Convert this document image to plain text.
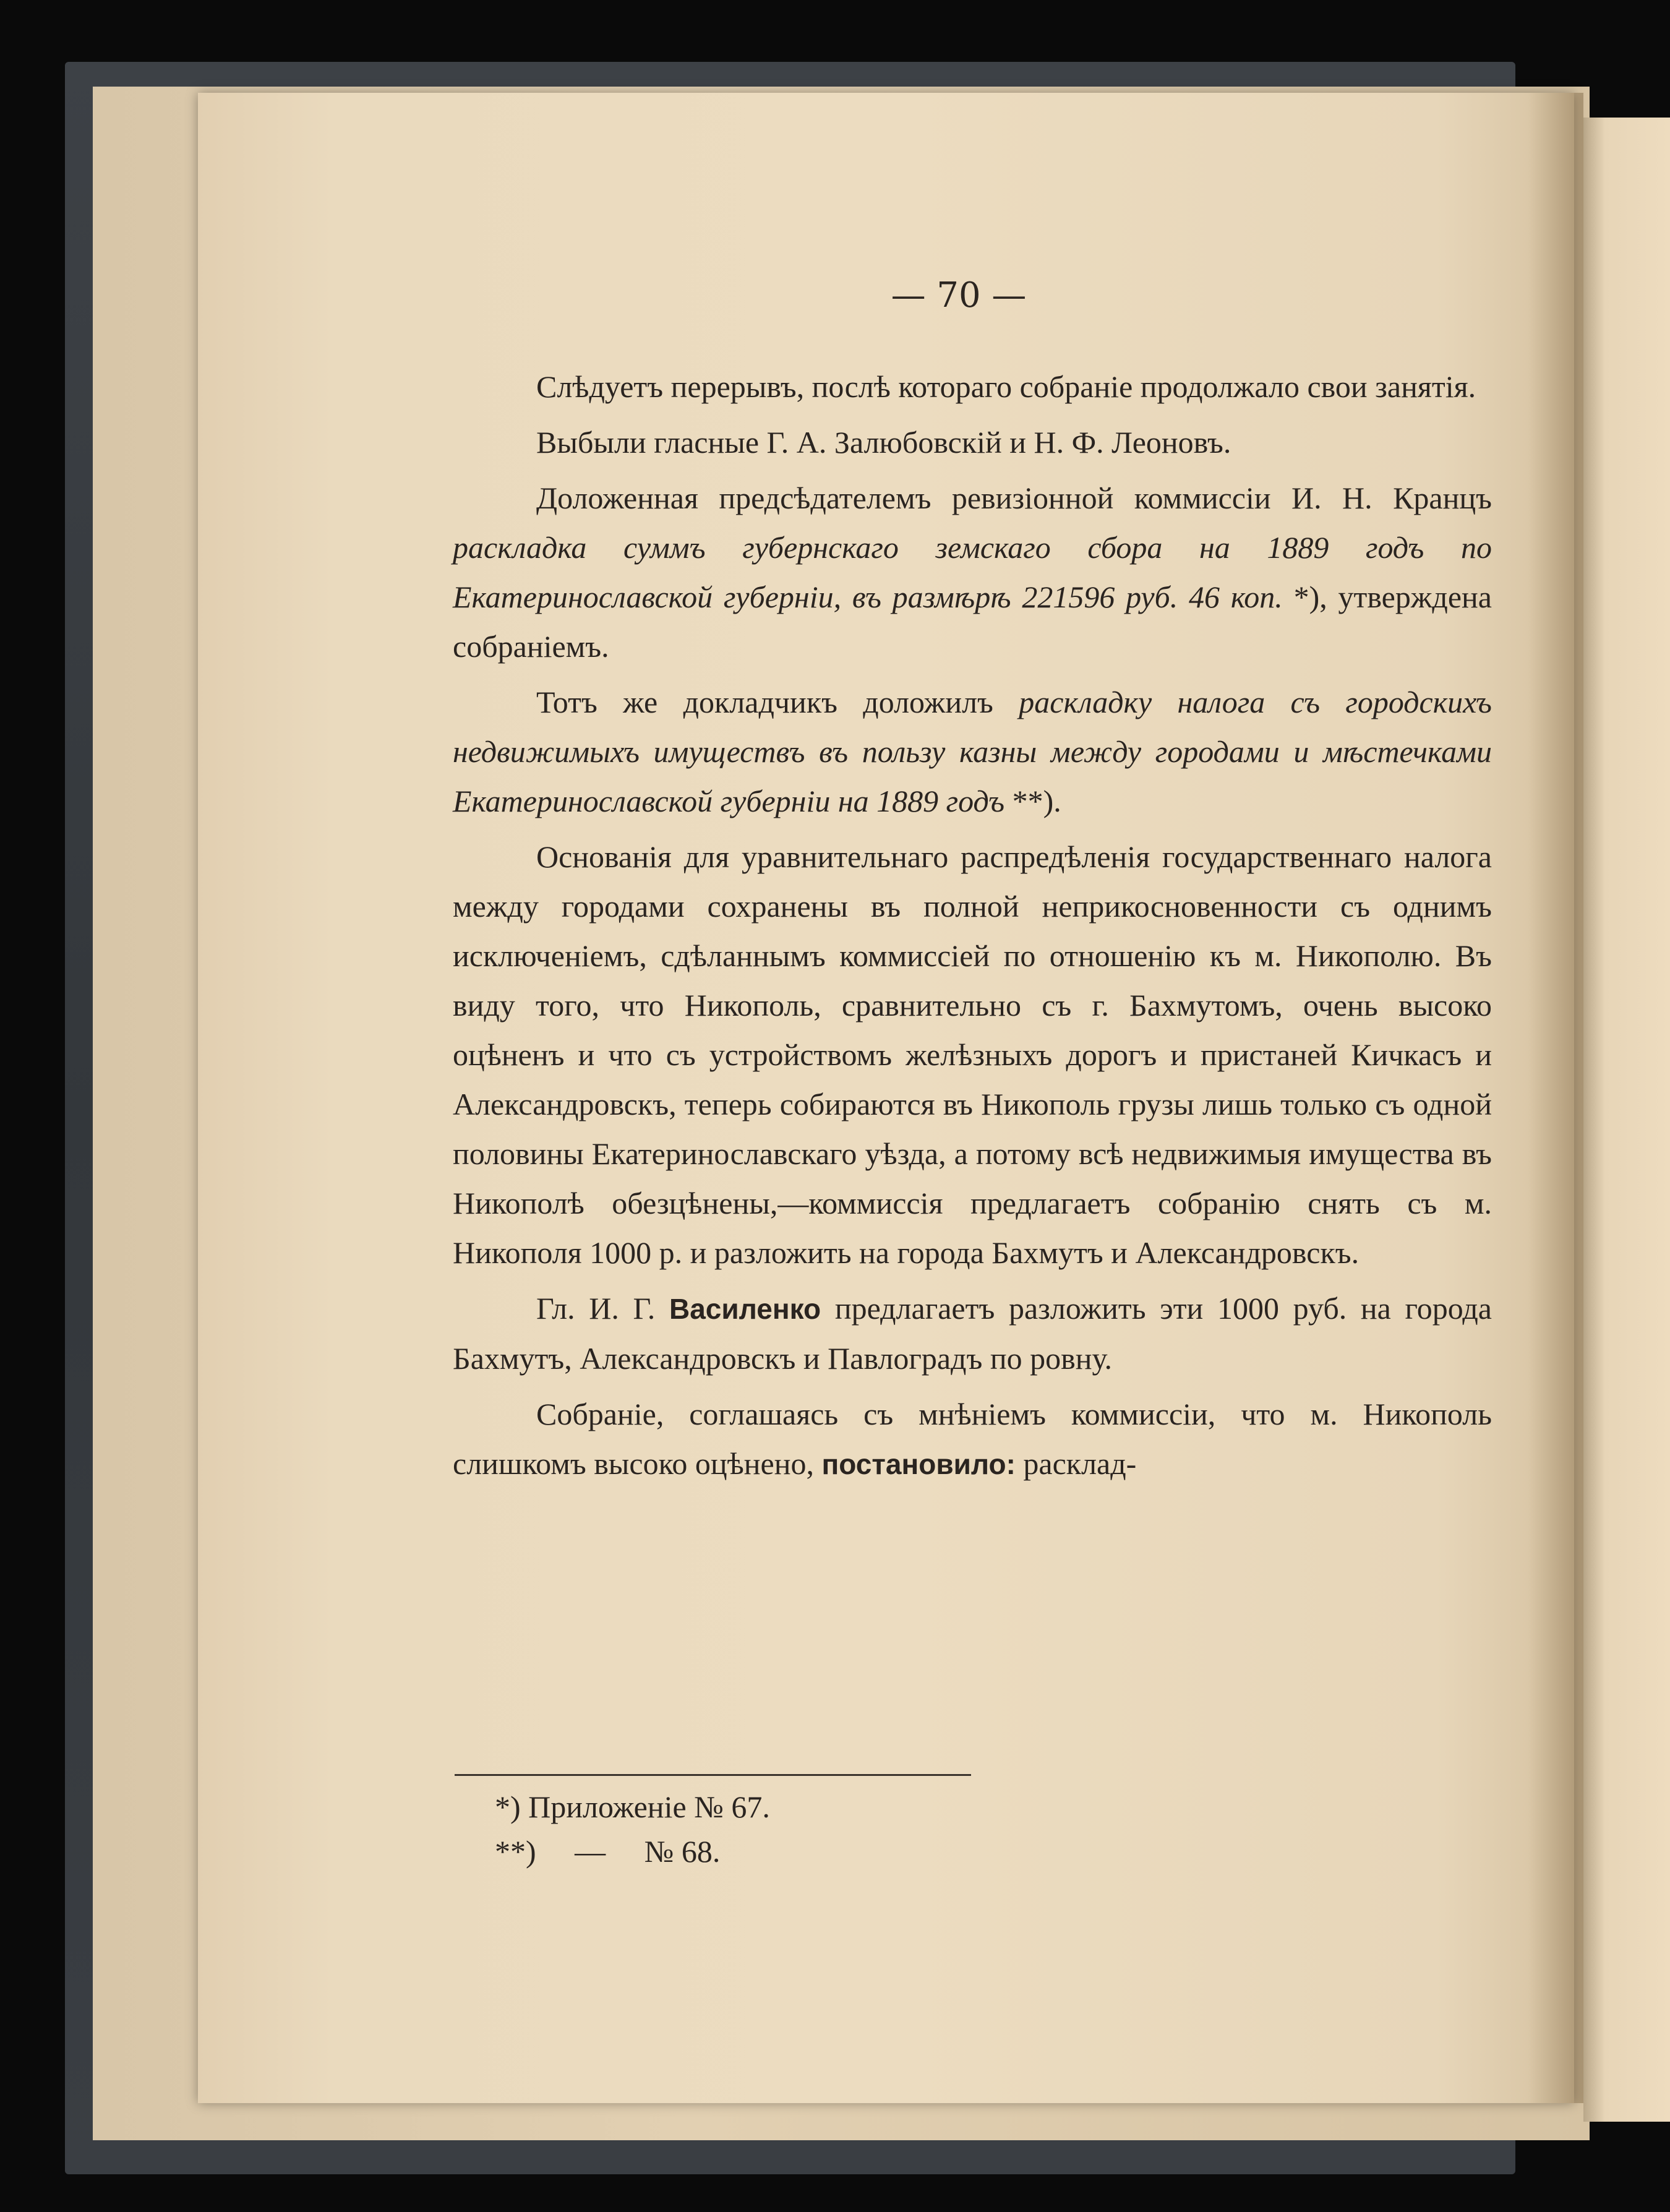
— 70 —

Слѣдуетъ перерывъ, послѣ котораго собраніе продолжало свои занятія.

Выбыли гласные Г. А. Залюбовскій и Н. Ф. Леоновъ.

Доложенная предсѣдателемъ ревизіонной коммиссіи И. Н. Кранцъ раскладка суммъ губернскаго земскаго сбора на 1889 годъ по Екатеринославской губерніи, въ размѣрѣ 221596 руб. 46 коп. *), утверждена собраніемъ.

Тотъ же докладчикъ доложилъ раскладку налога съ городскихъ недвижимыхъ имуществъ въ пользу казны между городами и мѣстечками Екатеринославской губерніи на 1889 годъ **).

Основанія для уравнительнаго распредѣленія государственнаго налога между городами сохранены въ полной неприкосновенности съ однимъ исключеніемъ, сдѣланнымъ коммиссіей по отношенію къ м. Никополю. Въ виду того, что Никополь, сравнительно съ г. Бахмутомъ, очень высоко оцѣненъ и что съ устройствомъ желѣзныхъ дорогъ и пристаней Кичкасъ и Александровскъ, теперь собираются въ Никополь грузы лишь только съ одной половины Екатеринославскаго уѣзда, а потому всѣ недвижимыя имущества въ Никополѣ обезцѣнены,—коммиссія предлагаетъ собранію снять съ м. Никополя 1000 р. и разложить на города Бахмутъ и Александровскъ.

Гл. И. Г. Василенко предлагаетъ разложить эти 1000 руб. на города Бахмутъ, Александровскъ и Павлоградъ по ровну.

Собраніе, соглашаясь съ мнѣніемъ коммиссіи, что м. Никополь слишкомъ высоко оцѣнено, постановило: расклад-

*) Приложеніе № 67.
**)     —     № 68.
